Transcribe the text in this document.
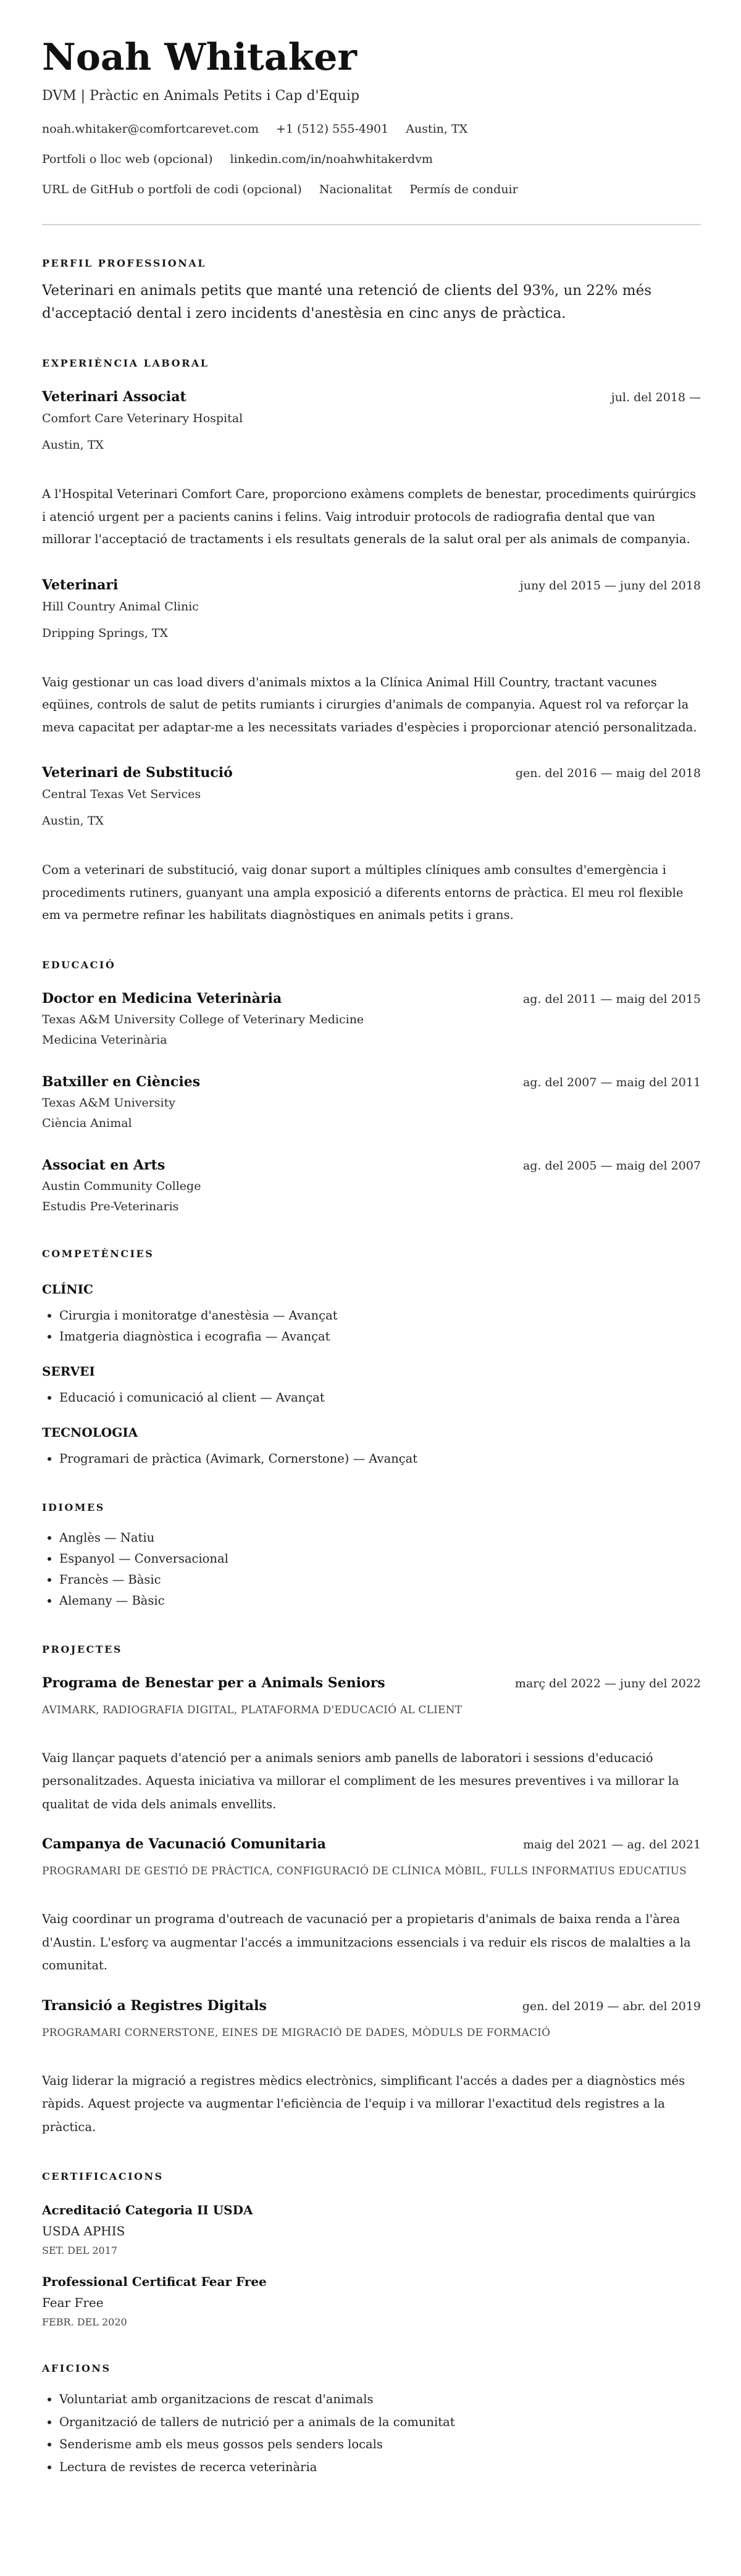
Noah Whitaker
DVM | Pràctic en Animals Petits i Cap d'Equip
noah.whitaker@comfortcarevet.com +1 (512) 555-4901 Austin, TX
Portfoli o lloc web (opcional) linkedin.com/in/noahwhitakerdvm
URL de GitHub o portfoli de codi (opcional) Nacionalitat Permís de conduir
PERFIL PROFESSIONAL
Veterinari en animals petits que manté una retenció de clients del 93%, un 22% més d'acceptació dental i zero incidents d'anestèsia en cinc anys de pràctica.
EXPERIÈNCIA LABORAL
Veterinari Associat	jul. del 2018 —
Comfort Care Veterinary Hospital
Austin, TX
A l'Hospital Veterinari Comfort Care, proporciono exàmens complets de benestar, procediments quirúrgics i atenció urgent per a pacients canins i felins. Vaig introduir protocols de radiografia dental que van millorar l'acceptació de tractaments i els resultats generals de la salut oral per als animals de companyia.
Veterinari	juny del 2015 — juny del 2018
Hill Country Animal Clinic
Dripping Springs, TX
Vaig gestionar un cas load divers d'animals mixtos a la Clínica Animal Hill Country, tractant vacunes eqüines, controls de salut de petits rumiants i cirurgies d'animals de companyia. Aquest rol va reforçar la meva capacitat per adaptar-me a les necessitats variades d'espècies i proporcionar atenció personalitzada.
Veterinari de Substitució	gen. del 2016 — maig del 2018
Central Texas Vet Services
Austin, TX
Com a veterinari de substitució, vaig donar suport a múltiples clíniques amb consultes d'emergència i procediments rutiners, guanyant una ampla exposició a diferents entorns de pràctica. El meu rol flexible em va permetre refinar les habilitats diagnòstiques en animals petits i grans.
EDUCACIÓ
Doctor en Medicina Veterinària	ag. del 2011 — maig del 2015
Texas A&M University College of Veterinary Medicine
Medicina Veterinària
Batxiller en Ciències	ag. del 2007 — maig del 2011
Texas A&M University
Ciència Animal
Associat en Arts	ag. del 2005 — maig del 2007
Austin Community College
Estudis Pre-Veterinaris
COMPETÈNCIES
CLÍNIC
• Cirurgia i monitoratge d'anestèsia — Avançat
• Imatgeria diagnòstica i ecografia — Avançat
SERVEI
• Educació i comunicació al client — Avançat
TECNOLOGIA
• Programari de pràctica (Avimark, Cornerstone) — Avançat
IDIOMES
• Anglès — Natiu
• Espanyol — Conversacional
• Francès — Bàsic
• Alemany — Bàsic
PROJECTES
Programa de Benestar per a Animals Seniors	març del 2022 — juny del 2022
AVIMARK, RADIOGRAFIA DIGITAL, PLATAFORMA D'EDUCACIÓ AL CLIENT
Vaig llançar paquets d'atenció per a animals seniors amb panells de laboratori i sessions d'educació personalitzades. Aquesta iniciativa va millorar el compliment de les mesures preventives i va millorar la qualitat de vida dels animals envellits.
Campanya de Vacunació Comunitaria	maig del 2021 — ag. del 2021
PROGRAMARI DE GESTIÓ DE PRÀCTICA, CONFIGURACIÓ DE CLÍNICA MÒBIL, FULLS INFORMATIUS EDUCATIUS
Vaig coordinar un programa d'outreach de vacunació per a propietaris d'animals de baixa renda a l'àrea d'Austin. L'esforç va augmentar l'accés a immunitzacions essencials i va reduir els riscos de malalties a la comunitat.
Transició a Registres Digitals	gen. del 2019 — abr. del 2019
PROGRAMARI CORNERSTONE, EINES DE MIGRACIÓ DE DADES, MÒDULS DE FORMACIÓ
Vaig liderar la migració a registres mèdics electrònics, simplificant l'accés a dades per a diagnòstics més ràpids. Aquest projecte va augmentar l'eficiència de l'equip i va millorar l'exactitud dels registres a la pràctica.
CERTIFICACIONS
Acreditació Categoria II USDA
USDA APHIS
SET. DEL 2017
Professional Certificat Fear Free
Fear Free
FEBR. DEL 2020
AFICIONS
• Voluntariat amb organitzacions de rescat d'animals
• Organització de tallers de nutrició per a animals de la comunitat
• Senderisme amb els meus gossos pels senders locals
• Lectura de revistes de recerca veterinària
